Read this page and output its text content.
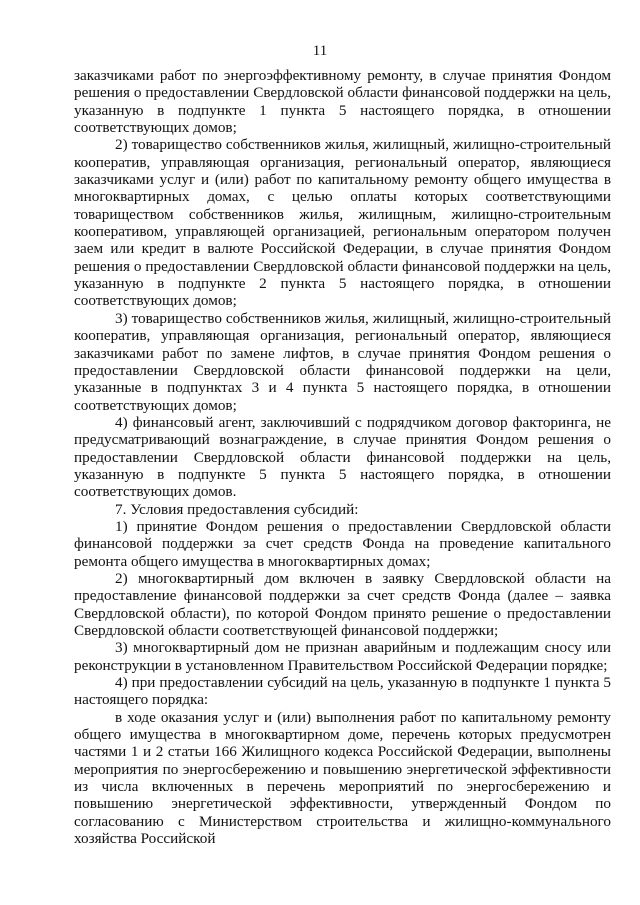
11

заказчиками работ по энергоэффективному ремонту, в случае принятия Фондом решения о предоставлении Свердловской области финансовой поддержки на цель, указанную в подпункте 1 пункта 5 настоящего порядка, в отношении соответствующих домов;

2) товарищество собственников жилья, жилищный, жилищно-строительный кооператив, управляющая организация, региональный оператор, являющиеся заказчиками услуг и (или) работ по капитальному ремонту общего имущества в многоквартирных домах, с целью оплаты которых соответствующими товариществом собственников жилья, жилищным, жилищно-строительным кооперативом, управляющей организацией, региональным оператором получен заем или кредит в валюте Российской Федерации, в случае принятия Фондом решения о предоставлении Свердловской области финансовой поддержки на цель, указанную в подпункте 2 пункта 5 настоящего порядка, в отношении соответствующих домов;

3) товарищество собственников жилья, жилищный, жилищно-строительный кооператив, управляющая организация, региональный оператор, являющиеся заказчиками работ по замене лифтов, в случае принятия Фондом решения о предоставлении Свердловской области финансовой поддержки на цели, указанные в подпунктах 3 и 4 пункта 5 настоящего порядка, в отношении соответствующих домов;

4) финансовый агент, заключивший с подрядчиком договор факторинга, не предусматривающий вознаграждение, в случае принятия Фондом решения о предоставлении Свердловской области финансовой поддержки на цель, указанную в подпункте 5 пункта 5 настоящего порядка, в отношении соответствующих домов.

7. Условия предоставления субсидий:

1) принятие Фондом решения о предоставлении Свердловской области финансовой поддержки за счет средств Фонда на проведение капитального ремонта общего имущества в многоквартирных домах;

2) многоквартирный дом включен в заявку Свердловской области на предоставление финансовой поддержки за счет средств Фонда (далее – заявка Свердловской области), по которой Фондом принято решение о предоставлении Свердловской области соответствующей финансовой поддержки;

3) многоквартирный дом не признан аварийным и подлежащим сносу или реконструкции в установленном Правительством Российской Федерации порядке;

4) при предоставлении субсидий на цель, указанную в подпункте 1 пункта 5 настоящего порядка:

в ходе оказания услуг и (или) выполнения работ по капитальному ремонту общего имущества в многоквартирном доме, перечень которых предусмотрен частями 1 и 2 статьи 166 Жилищного кодекса Российской Федерации, выполнены мероприятия по энергосбережению и повышению энергетической эффективности из числа включенных в перечень мероприятий по энергосбережению и повышению энергетической эффективности, утвержденный Фондом по согласованию с Министерством строительства и жилищно-коммунального хозяйства Российской
